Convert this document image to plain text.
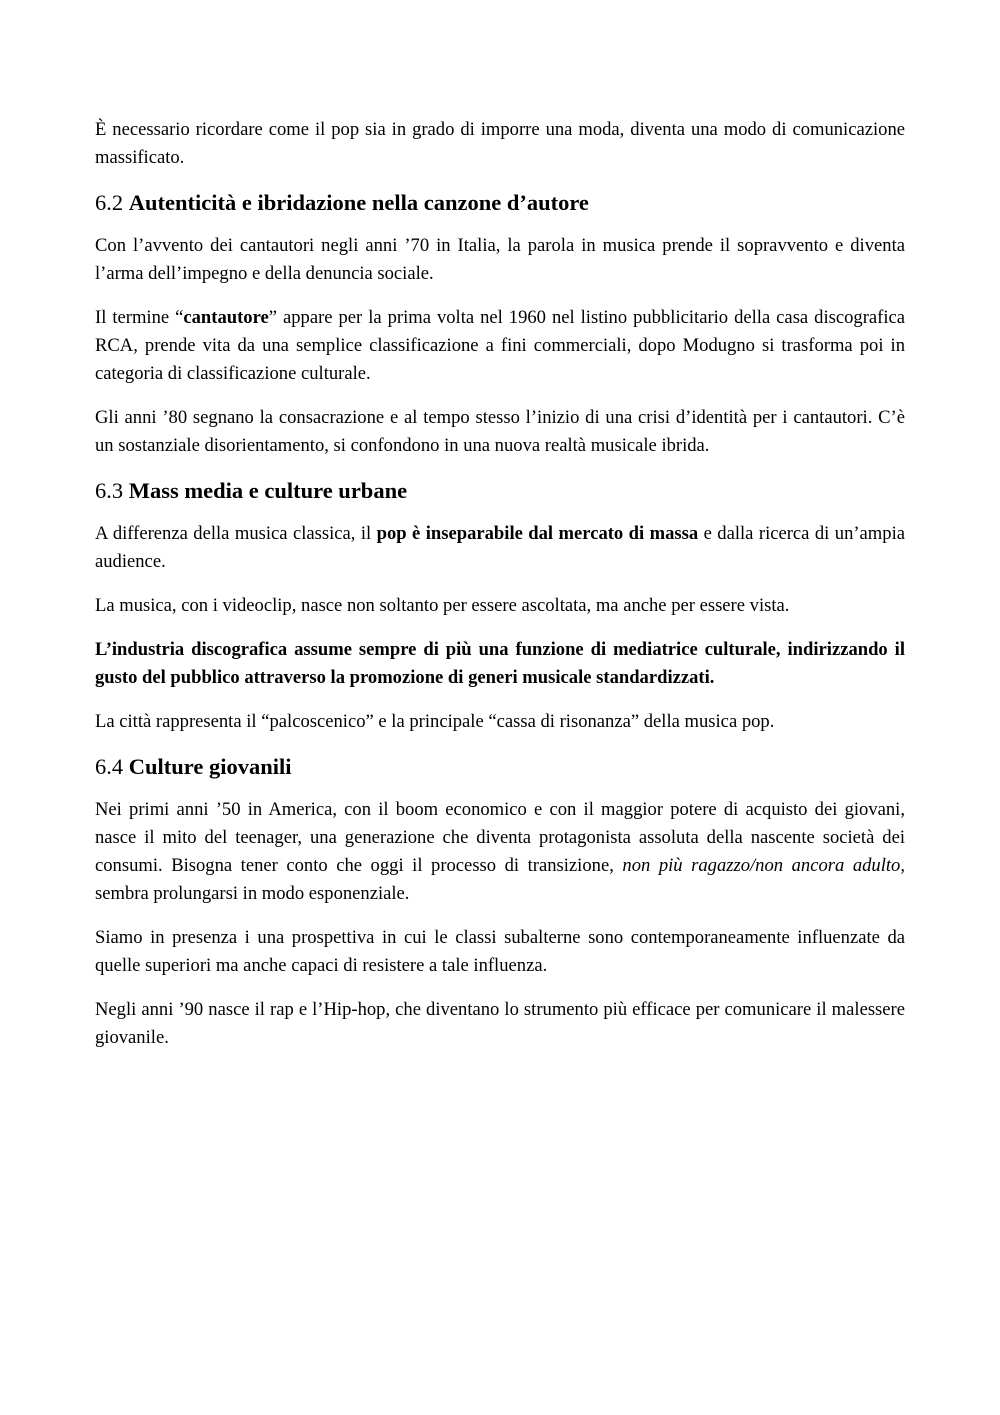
È necessario ricordare come il pop sia in grado di imporre una moda, diventa una modo di comunicazione massificato.

6.2 Autenticità e ibridazione nella canzone d’autore

Con l’avvento dei cantautori negli anni ’70 in Italia, la parola in musica prende il sopravvento e diventa l’arma dell’impegno e della denuncia sociale.

Il termine “cantautore” appare per la prima volta nel 1960 nel listino pubblicitario della casa discografica RCA, prende vita da una semplice classificazione a fini commerciali, dopo Modugno si trasforma poi in categoria di classificazione culturale.

Gli anni ’80 segnano la consacrazione e al tempo stesso l’inizio di una crisi d’identità per i cantautori. C’è un sostanziale disorientamento, si confondono in una nuova realtà musicale ibrida.

6.3 Mass media e culture urbane

A differenza della musica classica, il pop è inseparabile dal mercato di massa e dalla ricerca di un’ampia audience.

La musica, con i videoclip, nasce non soltanto per essere ascoltata, ma anche per essere vista.

L’industria discografica assume sempre di più una funzione di mediatrice culturale, indirizzando il gusto del pubblico attraverso la promozione di generi musicale standardizzati.

La città rappresenta il “palcoscenico” e la principale “cassa di risonanza” della musica pop.

6.4 Culture giovanili

Nei primi anni ’50 in America, con il boom economico e con il maggior potere di acquisto dei giovani, nasce il mito del teenager, una generazione che diventa protagonista assoluta della nascente società dei consumi. Bisogna tener conto che oggi il processo di transizione, non più ragazzo/non ancora adulto, sembra prolungarsi in modo esponenziale.

Siamo in presenza i una prospettiva in cui le classi subalterne sono contemporaneamente influenzate da quelle superiori ma anche capaci di resistere a tale influenza.

Negli anni ’90 nasce il rap e l’Hip-hop, che diventano lo strumento più efficace per comunicare il malessere giovanile.
